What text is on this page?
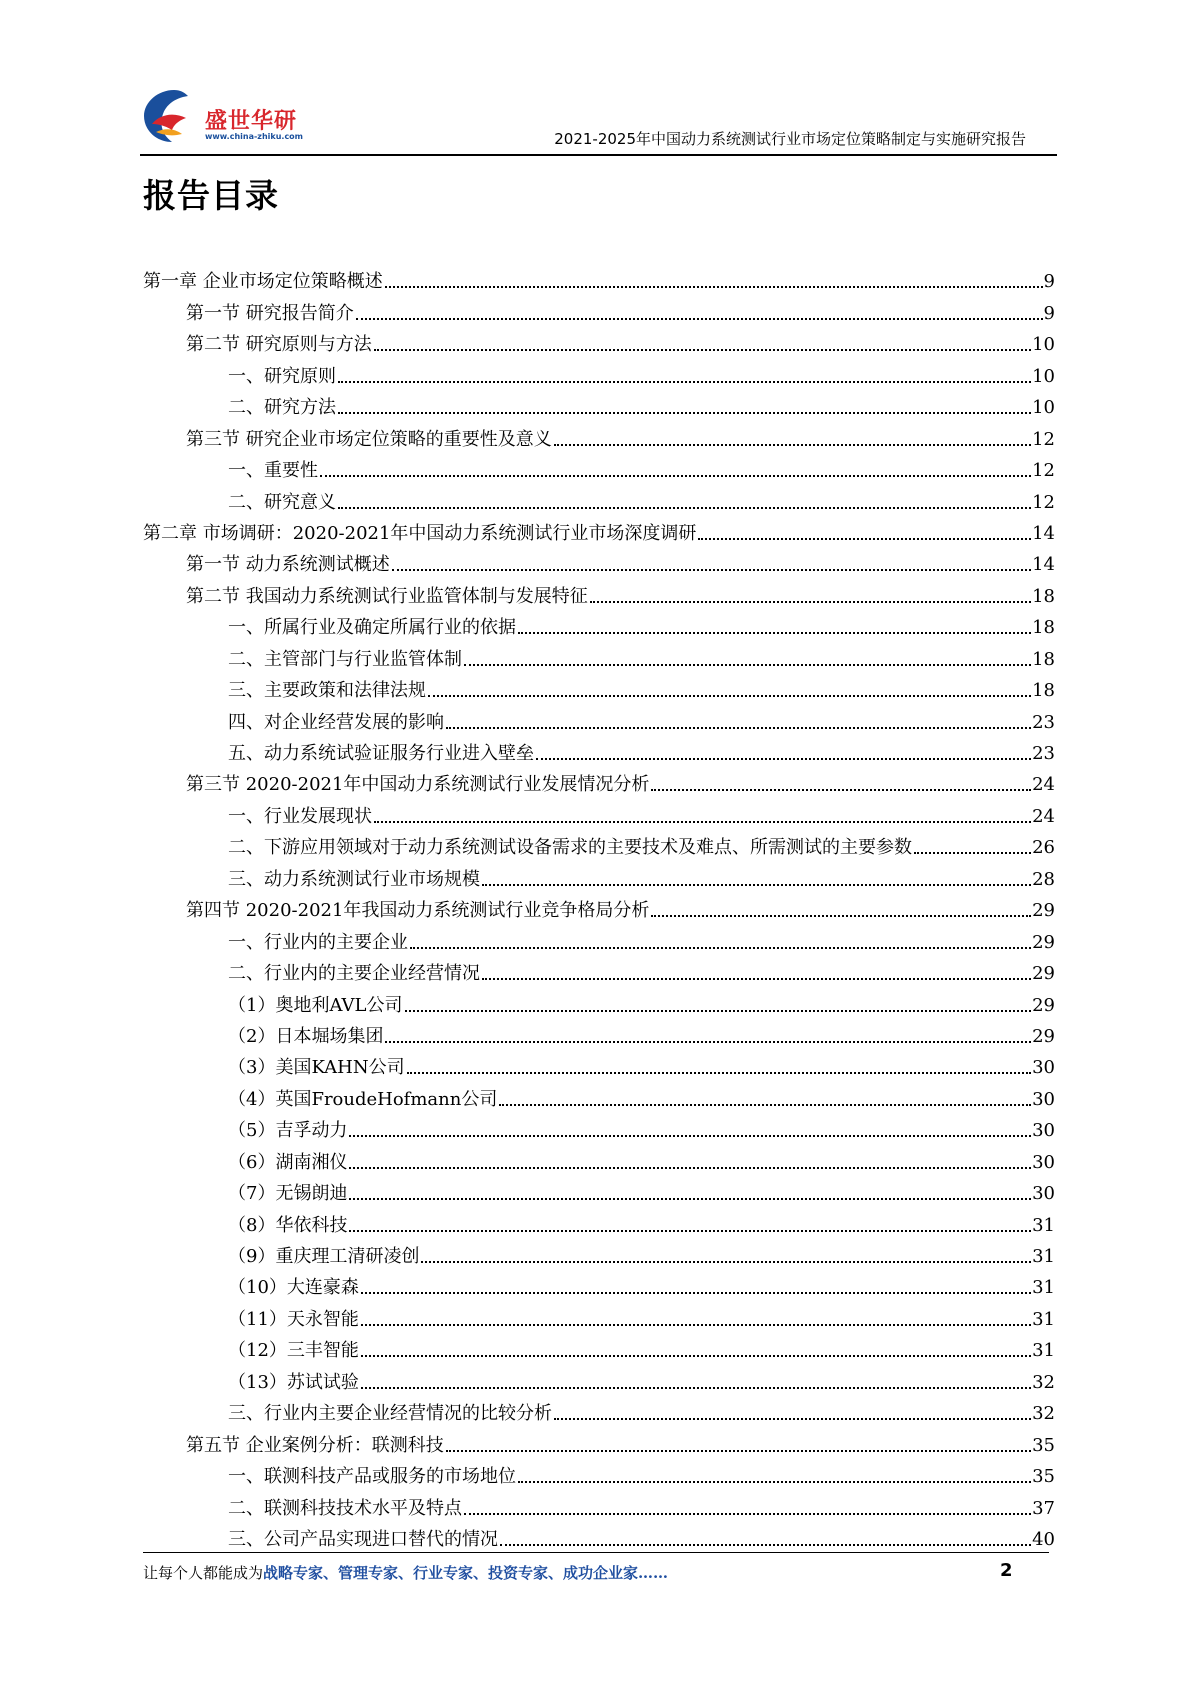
盛世华研
www.china-zhiku.com	2021-2025年中国动力系统测试行业市场定位策略制定与实施研究报告
报告目录
第一章 企业市场定位策略概述	9
第一节 研究报告简介	9
第二节 研究原则与方法	10
一、研究原则	10
二、研究方法	10
第三节 研究企业市场定位策略的重要性及意义	12
一、重要性	12
二、研究意义	12
第二章 市场调研：2020-2021年中国动力系统测试行业市场深度调研	14
第一节 动力系统测试概述	14
第二节 我国动力系统测试行业监管体制与发展特征	18
一、所属行业及确定所属行业的依据	18
二、主管部门与行业监管体制	18
三、主要政策和法律法规	18
四、对企业经营发展的影响	23
五、动力系统试验证服务行业进入壁垒	23
第三节 2020-2021年中国动力系统测试行业发展情况分析	24
一、行业发展现状	24
二、下游应用领域对于动力系统测试设备需求的主要技术及难点、所需测试的主要参数	26
三、动力系统测试行业市场规模	28
第四节 2020-2021年我国动力系统测试行业竞争格局分析	29
一、行业内的主要企业	29
二、行业内的主要企业经营情况	29
（1）奥地利AVL公司	29
（2）日本堀场集团	29
（3）美国KAHN公司	30
（4）英国FroudeHofmann公司	30
（5）吉孚动力	30
（6）湖南湘仪	30
（7）无锡朗迪	30
（8）华依科技	31
（9）重庆理工清研凌创	31
（10）大连豪森	31
（11）天永智能	31
（12）三丰智能	31
（13）苏试试验	32
三、行业内主要企业经营情况的比较分析	32
第五节 企业案例分析：联测科技	35
一、联测科技产品或服务的市场地位	35
二、联测科技技术水平及特点	37
三、公司产品实现进口替代的情况	40
让每个人都能成为战略专家、管理专家、行业专家、投资专家、成功企业家……	2
